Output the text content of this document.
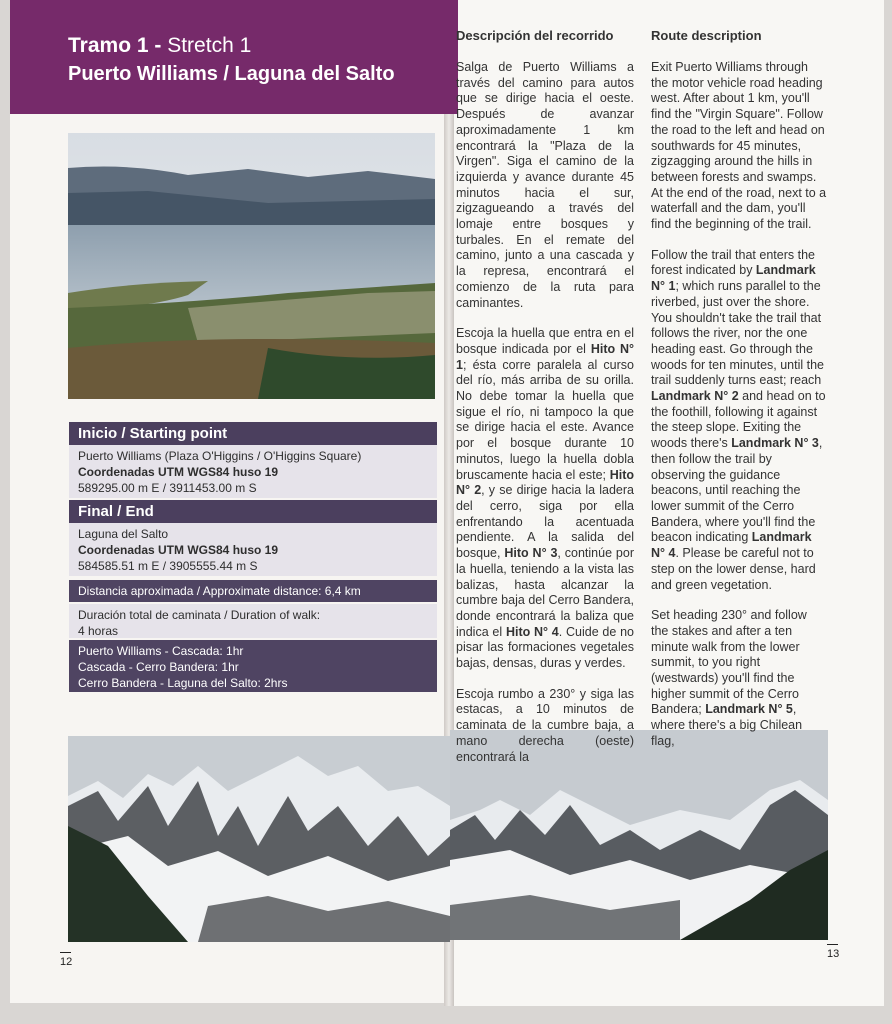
Tramo 1 - Stretch 1
Puerto Williams / Laguna del Salto
Inicio / Starting point
Puerto Williams (Plaza O'Higgins / O'Higgins Square)
Coordenadas UTM WGS84 huso 19
589295.00 m E / 3911453.00 m S
Final / End
Laguna del Salto
Coordenadas UTM WGS84 huso 19
584585.51 m E / 3905555.44 m S
Distancia aproximada / Approximate distance: 6,4 km
Duración total de caminata / Duration of walk:
4 horas
Puerto Williams - Cascada: 1hr
Cascada - Cerro Bandera: 1hr
Cerro Bandera - Laguna del Salto: 2hrs
Descripción del recorrido	Route description

Salga de Puerto Williams a través del camino para autos que se dirige hacia el oeste. Después de avanzar aproximadamente 1 km encontrará la "Plaza de la Virgen". Siga el camino de la izquierda y avance durante 45 minutos hacia el sur, zigzagueando a través del lomaje entre bosques y turbales. En el remate del camino, junto a una cascada y la represa, encontrará el comienzo de la ruta para caminantes.

Escoja la huella que entra en el bosque indicada por el Hito N° 1; ésta corre paralela al curso del río, más arriba de su orilla. No debe tomar la huella que sigue el río, ni tampoco la que se dirige hacia el este. Avance por el bosque durante 10 minutos, luego la huella dobla bruscamente hacia el este; Hito N° 2, y se dirige hacia la ladera del cerro, siga por ella enfrentando la acentuada pendiente. A la salida del bosque, Hito N° 3, continúe por la huella, teniendo a la vista las balizas, hasta alcanzar la cumbre baja del Cerro Bandera, donde encontrará la baliza que indica el Hito N° 4. Cuide de no pisar las formaciones vegetales bajas, densas, duras y verdes.

Escoja rumbo a 230° y siga las estacas, a 10 minutos de caminata de la cumbre baja, a mano derecha (oeste) encontrará la

Exit Puerto Williams through the motor vehicle road heading west. After about 1 km, you'll find the "Virgin Square". Follow the road to the left and head on southwards for 45 minutes, zigzagging around the hills in between forests and swamps. At the end of the road, next to a waterfall and the dam, you'll find the beginning of the trail.

Follow the trail that enters the forest indicated by Landmark N° 1; which runs parallel to the riverbed, just over the shore. You shouldn't take the trail that follows the river, nor the one heading east. Go through the woods for ten minutes, until the trail suddenly turns east; reach Landmark N° 2 and head on to the foothill, following it against the steep slope. Exiting the woods there's Landmark N° 3, then follow the trail by observing the guidance beacons, until reaching the lower summit of the Cerro Bandera, where you'll find the beacon indicating Landmark N° 4. Please be careful not to step on the lower dense, hard and green vegetation.

Set heading 230° and follow the stakes and after a ten minute walk from the lower summit, to you right (westwards) you'll find the higher summit of the Cerro Bandera; Landmark N° 5, where there's a big Chilean flag,

12
13
